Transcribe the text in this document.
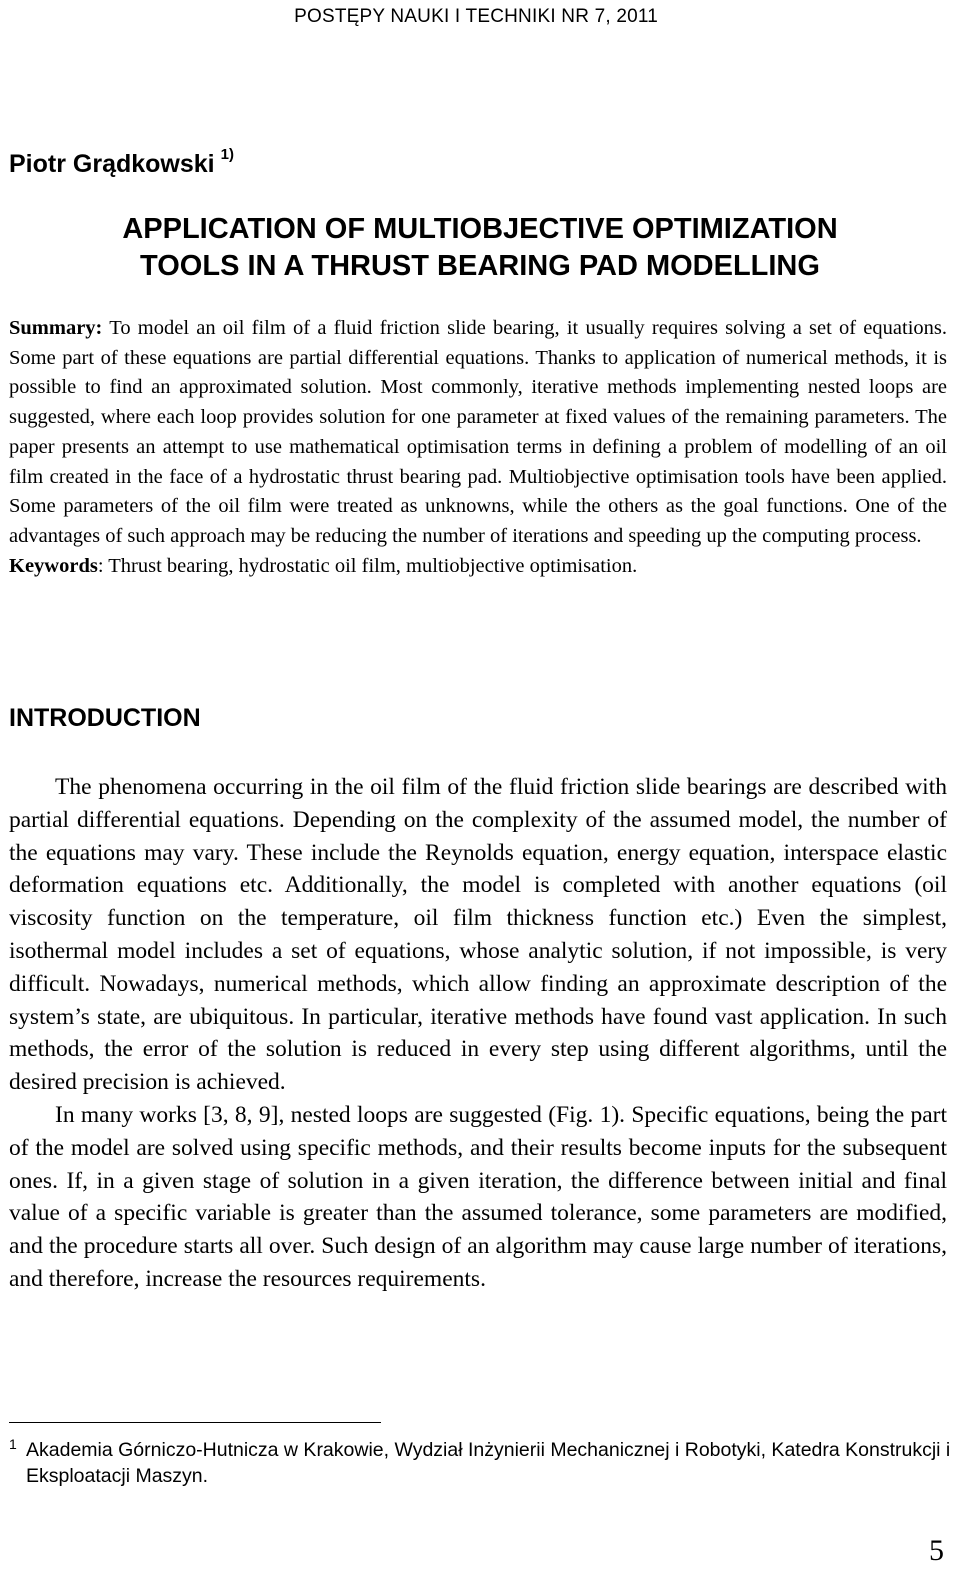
POSTĘPY NAUKI I TECHNIKI NR 7, 2011
Piotr Grądkowski $^{1)}$
APPLICATION OF MULTIOBJECTIVE OPTIMIZATION
TOOLS IN A THRUST BEARING PAD MODELLING

Summary: To model an oil film of a fluid friction slide bearing, it usually requires solving a set of equations. Some part of these equations are partial differential equations. Thanks to application of numerical methods, it is possible to find an approximated solution. Most commonly, iterative methods implementing nested loops are suggested, where each loop provides solution for one parameter at fixed values of the remaining parameters. The paper presents an attempt to use mathematical optimisation terms in defining a problem of modelling of an oil film created in the face of a hydrostatic thrust bearing pad. Multiobjective optimisation tools have been applied. Some parameters of the oil film were treated as unknowns, while the others as the goal functions. One of the advantages of such approach may be reducing the number of iterations and speeding up the computing process.

Keywords: Thrust bearing, hydrostatic oil film, multiobjective optimisation.

INTRODUCTION

The phenomena occurring in the oil film of the fluid friction slide bearings are described with partial differential equations. Depending on the complexity of the assumed model, the number of the equations may vary. These include the Reynolds equation, energy equation, interspace elastic deformation equations etc. Additionally, the model is completed with another equations (oil viscosity function on the temperature, oil film thickness function etc.) Even the simplest, isothermal model includes a set of equations, whose analytic solution, if not impossible, is very difficult. Nowadays, numerical methods, which allow finding an approximate description of the system’s state, are ubiquitous. In particular, iterative methods have found vast application. In such methods, the error of the solution is reduced in every step using different algorithms, until the desired precision is achieved.

In many works [3, 8, 9], nested loops are suggested (Fig. 1). Specific equations, being the part of the model are solved using specific methods, and their results become inputs for the subsequent ones. If, in a given stage of solution in a given iteration, the difference between initial and final value of a specific variable is greater than the assumed tolerance, some parameters are modified, and the procedure starts all over. Such design of an algorithm may cause large number of iterations, and therefore, increase the resources requirements.

1 Akademia Górniczo-Hutnicza w Krakowie, Wydział Inżynierii Mechanicznej i Robotyki, Katedra Konstrukcji i Eksploatacji Maszyn.
5
